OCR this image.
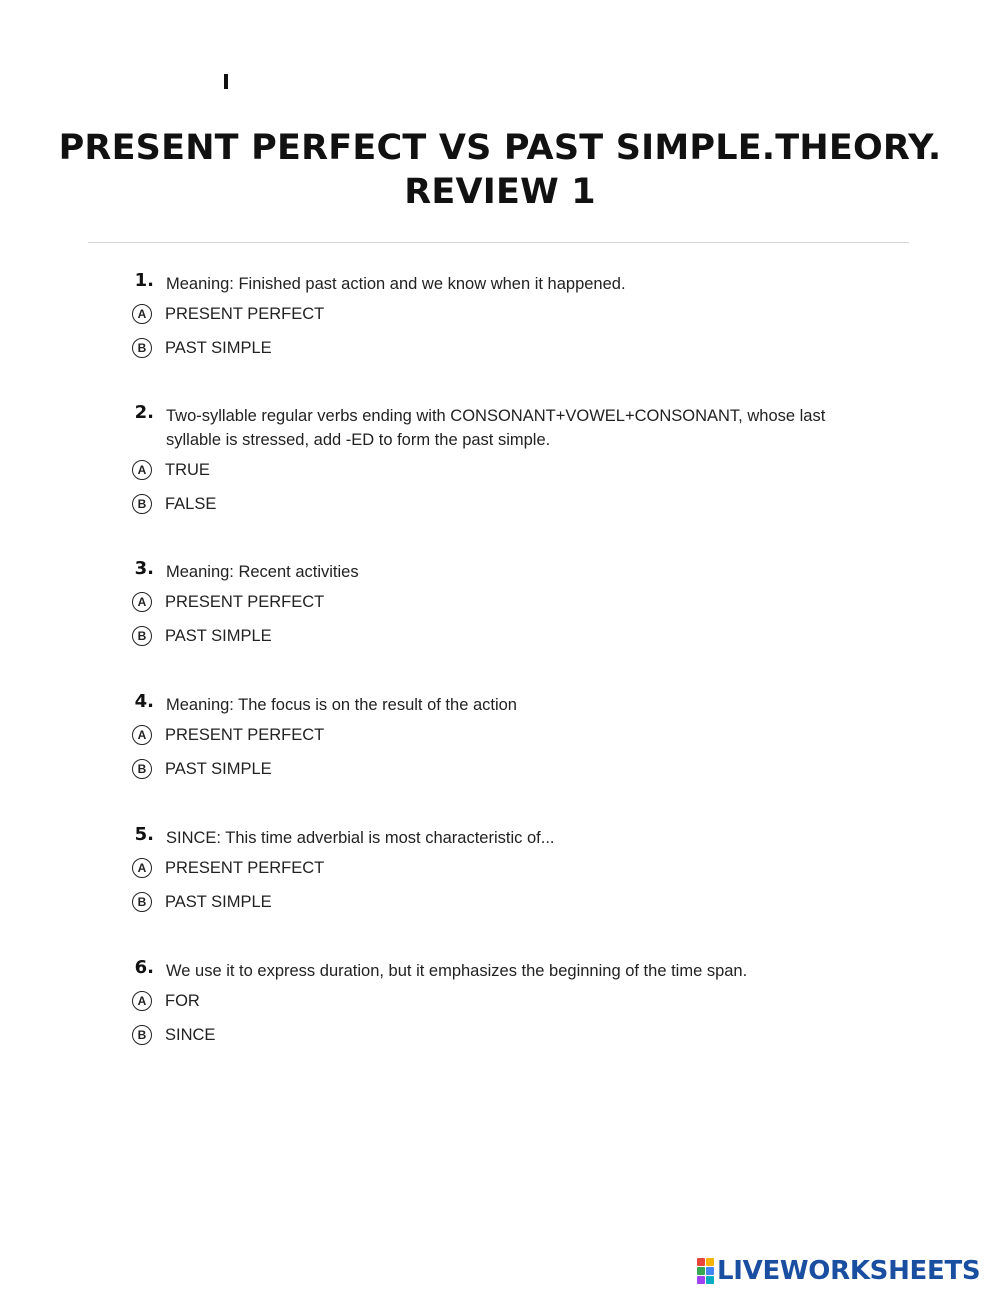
PRESENT PERFECT VS PAST SIMPLE.THEORY.
REVIEW 1
1. Meaning: Finished past action and we know when it happened.
A	PRESENT PERFECT
B	PAST SIMPLE
2. Two-syllable regular verbs ending with CONSONANT+VOWEL+CONSONANT, whose last syllable is stressed, add -ED to form the past simple.
A	TRUE
B	FALSE
3. Meaning: Recent activities
A	PRESENT PERFECT
B	PAST SIMPLE
4. Meaning: The focus is on the result of the action
A	PRESENT PERFECT
B	PAST SIMPLE
5. SINCE: This time adverbial is most characteristic of...
A	PRESENT PERFECT
B	PAST SIMPLE
6. We use it to express duration, but it emphasizes the beginning of the time span.
A	FOR
B	SINCE
LIVEWORKSHEETS
